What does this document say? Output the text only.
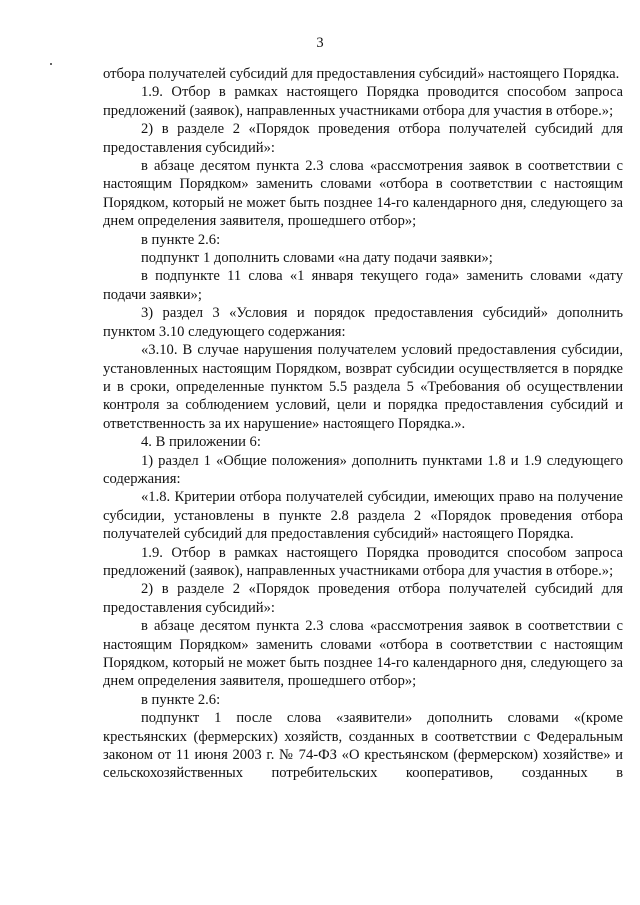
3

отбора получателей субсидий для предоставления субсидий» настоящего Порядка.

1.9. Отбор в рамках настоящего Порядка проводится способом запроса предложений (заявок), направленных участниками отбора для участия в отборе.»;

2) в разделе 2 «Порядок проведения отбора получателей субсидий для предоставления субсидий»:

в абзаце десятом пункта 2.3 слова «рассмотрения заявок в соответствии с настоящим Порядком» заменить словами «отбора в соответствии с настоящим Порядком, который не может быть позднее 14-го календарного дня, следующего за днем определения заявителя, прошедшего отбор»;

в пункте 2.6:

подпункт 1 дополнить словами «на дату подачи заявки»;

в подпункте 11 слова «1 января текущего года» заменить словами «дату подачи заявки»;

3) раздел 3 «Условия и порядок предоставления субсидий» дополнить пунктом 3.10 следующего содержания:

«3.10. В случае нарушения получателем условий предоставления субсидии, установленных настоящим Порядком, возврат субсидии осуществляется в порядке и в сроки, определенные пунктом 5.5 раздела 5 «Требования об осуществлении контроля за соблюдением условий, цели и порядка предоставления субсидий и ответственность за их нарушение» настоящего Порядка.».

4. В приложении 6:

1) раздел 1 «Общие положения» дополнить пунктами 1.8 и 1.9 следующего содержания:

«1.8. Критерии отбора получателей субсидии, имеющих право на получение субсидии, установлены в пункте 2.8 раздела 2 «Порядок проведения отбора получателей субсидий для предоставления субсидий» настоящего Порядка.

1.9. Отбор в рамках настоящего Порядка проводится способом запроса предложений (заявок), направленных участниками отбора для участия в отборе.»;

2) в разделе 2 «Порядок проведения отбора получателей субсидий для предоставления субсидий»:

в абзаце десятом пункта 2.3 слова «рассмотрения заявок в соответствии с настоящим Порядком» заменить словами «отбора в соответствии с настоящим Порядком, который не может быть позднее 14-го календарного дня, следующего за днем определения заявителя, прошедшего отбор»;

в пункте 2.6:

подпункт 1 после слова «заявители» дополнить словами «(кроме крестьянских (фермерских) хозяйств, созданных в соответствии с Федеральным законом от 11 июня 2003 г. № 74-ФЗ «О крестьянском (фермерском) хозяйстве» и сельскохозяйственных потребительских кооперативов, созданных в
